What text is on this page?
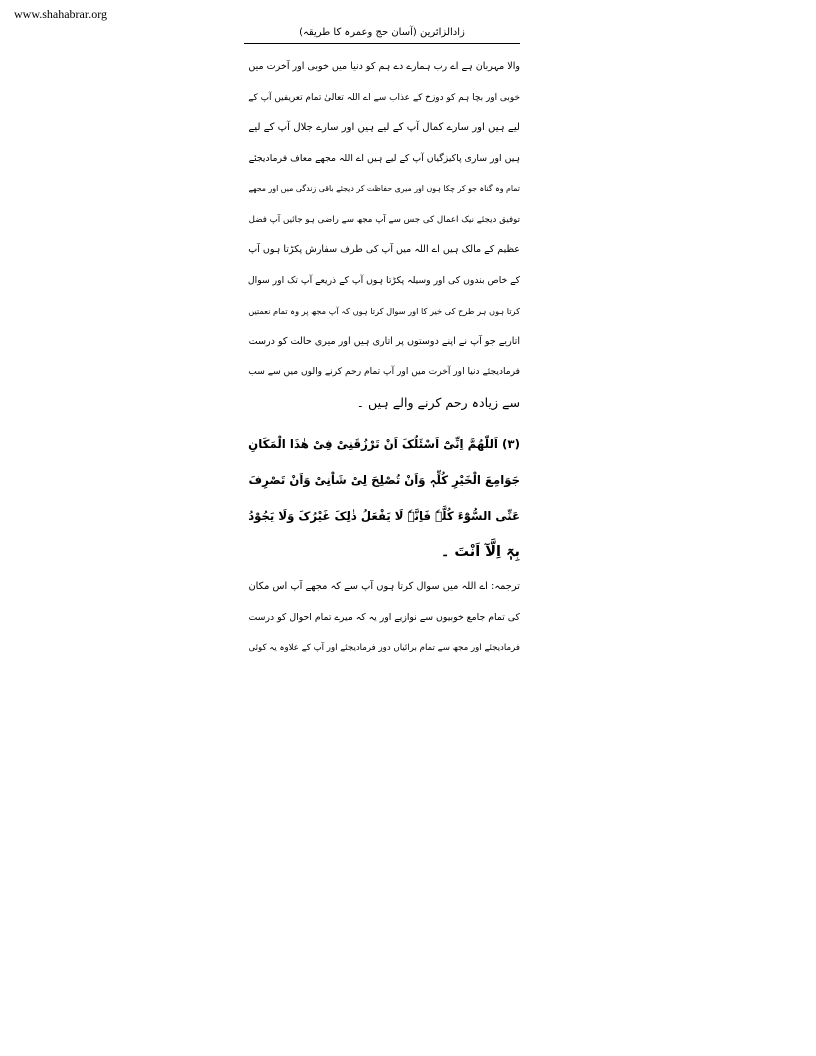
www.shahabrar.org
زادالزائرین (آسان حج وعمرہ کا طریقہ)

والا مہربان ہے اے رب ہمارے دے ہم کو دنیا میں خوبی اور آخرت میں
خوبی اور بچا ہم کو دوزخ کے عذاب سے اے اللہ تعالیٰ تمام تعریفیں آپ کے
لیے ہیں اور سارے کمال آپ کے لیے ہیں اور سارے جلال آپ کے لیے
ہیں اور ساری پاکیزگیاں آپ کے لیے ہیں اے اللہ مجھے معاف فرمادیجئے
تمام وہ گناہ جو کر چکا ہوں اور میری حفاظت کر دیجئے باقی زندگی میں اور مجھے
توفیق دیجئے نیک اعمال کی جس سے آپ مجھ سے راضی ہو جائیں آپ فضل
عظیم کے مالک ہیں اے اللہ میں آپ کی طرف سفارش پکڑتا ہوں آپ
کے خاص بندوں کی اور وسیلہ پکڑتا ہوں آپ کے ذریعے آپ تک اور سوال
کرتا ہوں ہر طرح کی خیر کا اور سوال کرتا ہوں کہ آپ مجھ پر وہ تمام نعمتیں
اتاریے جو آپ نے اپنے دوستوں پر اتاری ہیں اور میری حالت کو درست
فرمادیجئے دنیا اور آخرت میں اور آپ تمام رحم کرنے والوں میں سے سب
سے زیادہ رحم کرنے والے ہیں ۔

(۳) اَللّٰھُمَّ اِنِّیْٓ اَسْئَلُکَ اَنْ تَرْزُقَنِیْ فِیْ ھٰذَا الْمَکَانِ
جَوَامِعَ الْخَیْرِ کُلِّہٖ وَاَنْ تُصْلِحَ لِیْ شَاْنِیْ وَاَنْ تَصْرِفَ
عَنِّی السُّوْٓءَ کُلَّہٗ فَاِنَّہٗ لَا یَفْعَلُ ذٰلِکَ غَیْرُکَ وَلَا یَجُوْدُ
بِہٖٓ اِلَّآ اَنْتَ ۔

ترجمہ: اے اللہ میں سوال کرتا ہوں آپ سے کہ مجھے آپ اس مکان
کی تمام جامع خوبیوں سے نوازیے اور یہ کہ میرے تمام احوال کو درست
فرمادیجئے اور مجھ سے تمام برائیاں دور فرمادیجئے اور آپ کے علاوہ یہ کوئی
